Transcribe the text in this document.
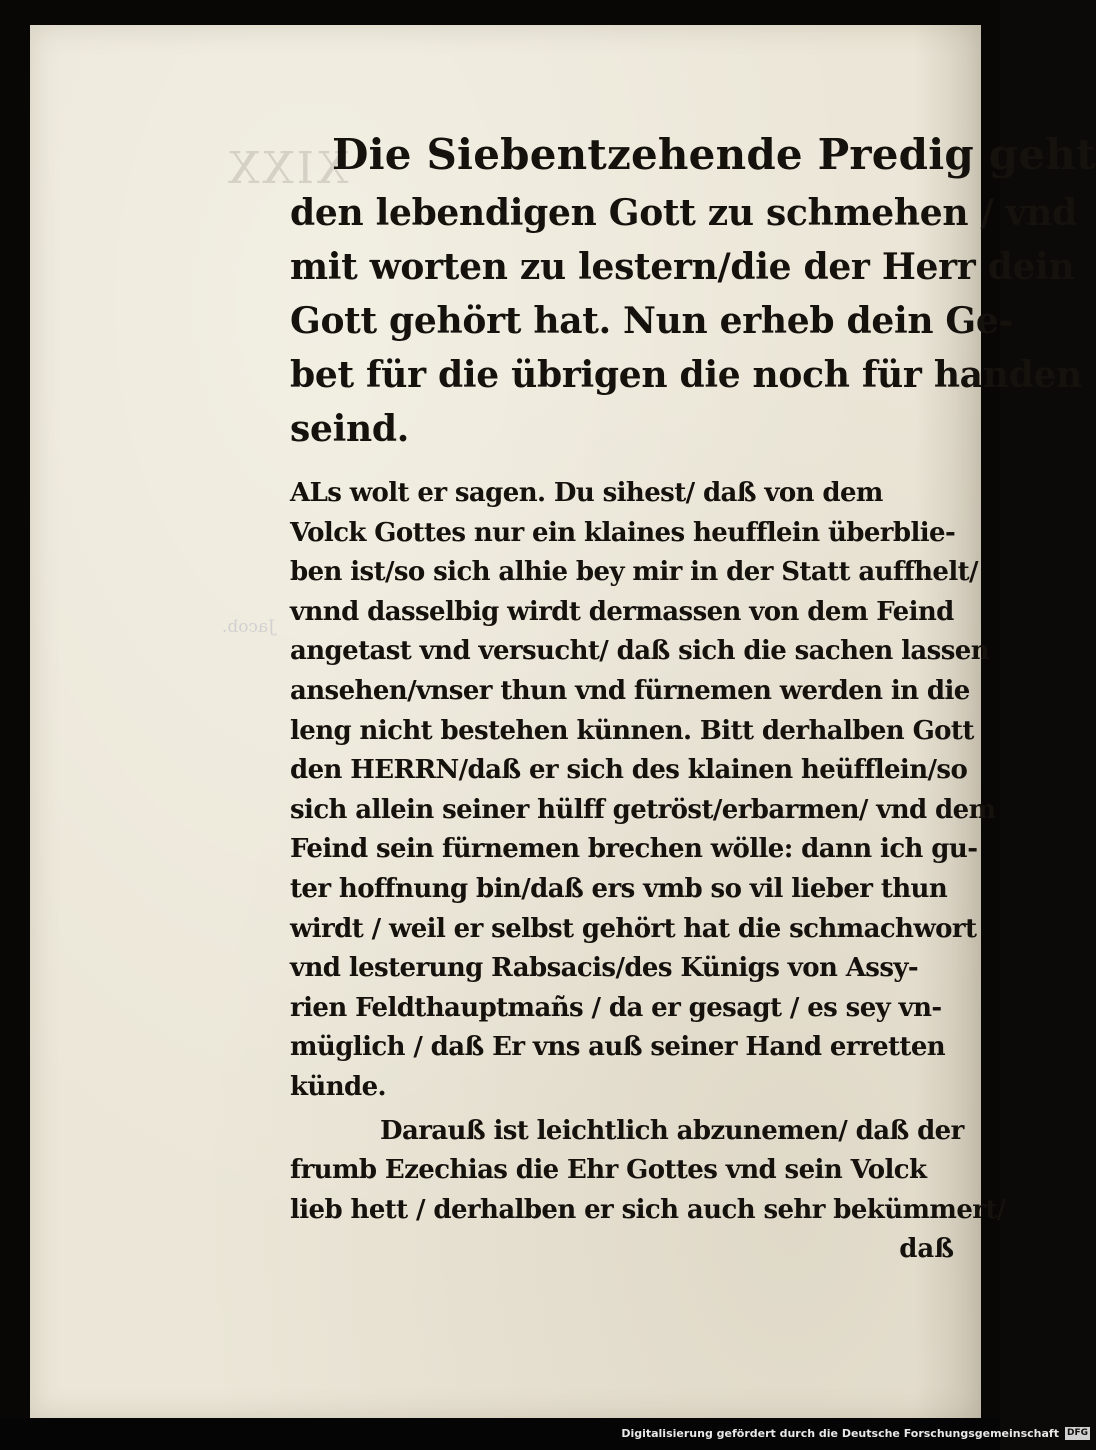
XIXX
Jacob.
Die Siebentzehende Predig geht
den lebendigen Gott zu schmehen / vnd
mit worten zu lestern/die der Herr dein
Gott gehört hat. Nun erheb dein Ge-
bet für die übrigen die noch für handen
seind.
ALs wolt er sagen. Du sihest/ daß von dem
Volck Gottes nur ein klaines heufflein überblie-
ben ist/so sich alhie bey mir in der Statt auffhelt/
vnnd dasselbig wirdt dermassen von dem Feind
angetast vnd versucht/ daß sich die sachen lassen
ansehen/vnser thun vnd fürnemen werden in die
leng nicht bestehen künnen. Bitt derhalben Gott
den HERRN/daß er sich des klainen heüfflein/so
sich allein seiner hülff getröst/erbarmen/ vnd dem
Feind sein fürnemen brechen wölle: dann ich gu-
ter hoffnung bin/daß ers vmb so vil lieber thun
wirdt / weil er selbst gehört hat die schmachwort
vnd lesterung Rabsacis/des Künigs von Assy-
rien Feldthauptmañs / da er gesagt / es sey vn-
müglich / daß Er vns auß seiner Hand erretten
künde.
Darauß ist leichtlich abzunemen/ daß der
frumb Ezechias die Ehr Gottes vnd sein Volck
lieb hett / derhalben er sich auch sehr bekümmert/
daß
Digitalisierung gefördert durch die Deutsche Forschungsgemeinschaft DFG
